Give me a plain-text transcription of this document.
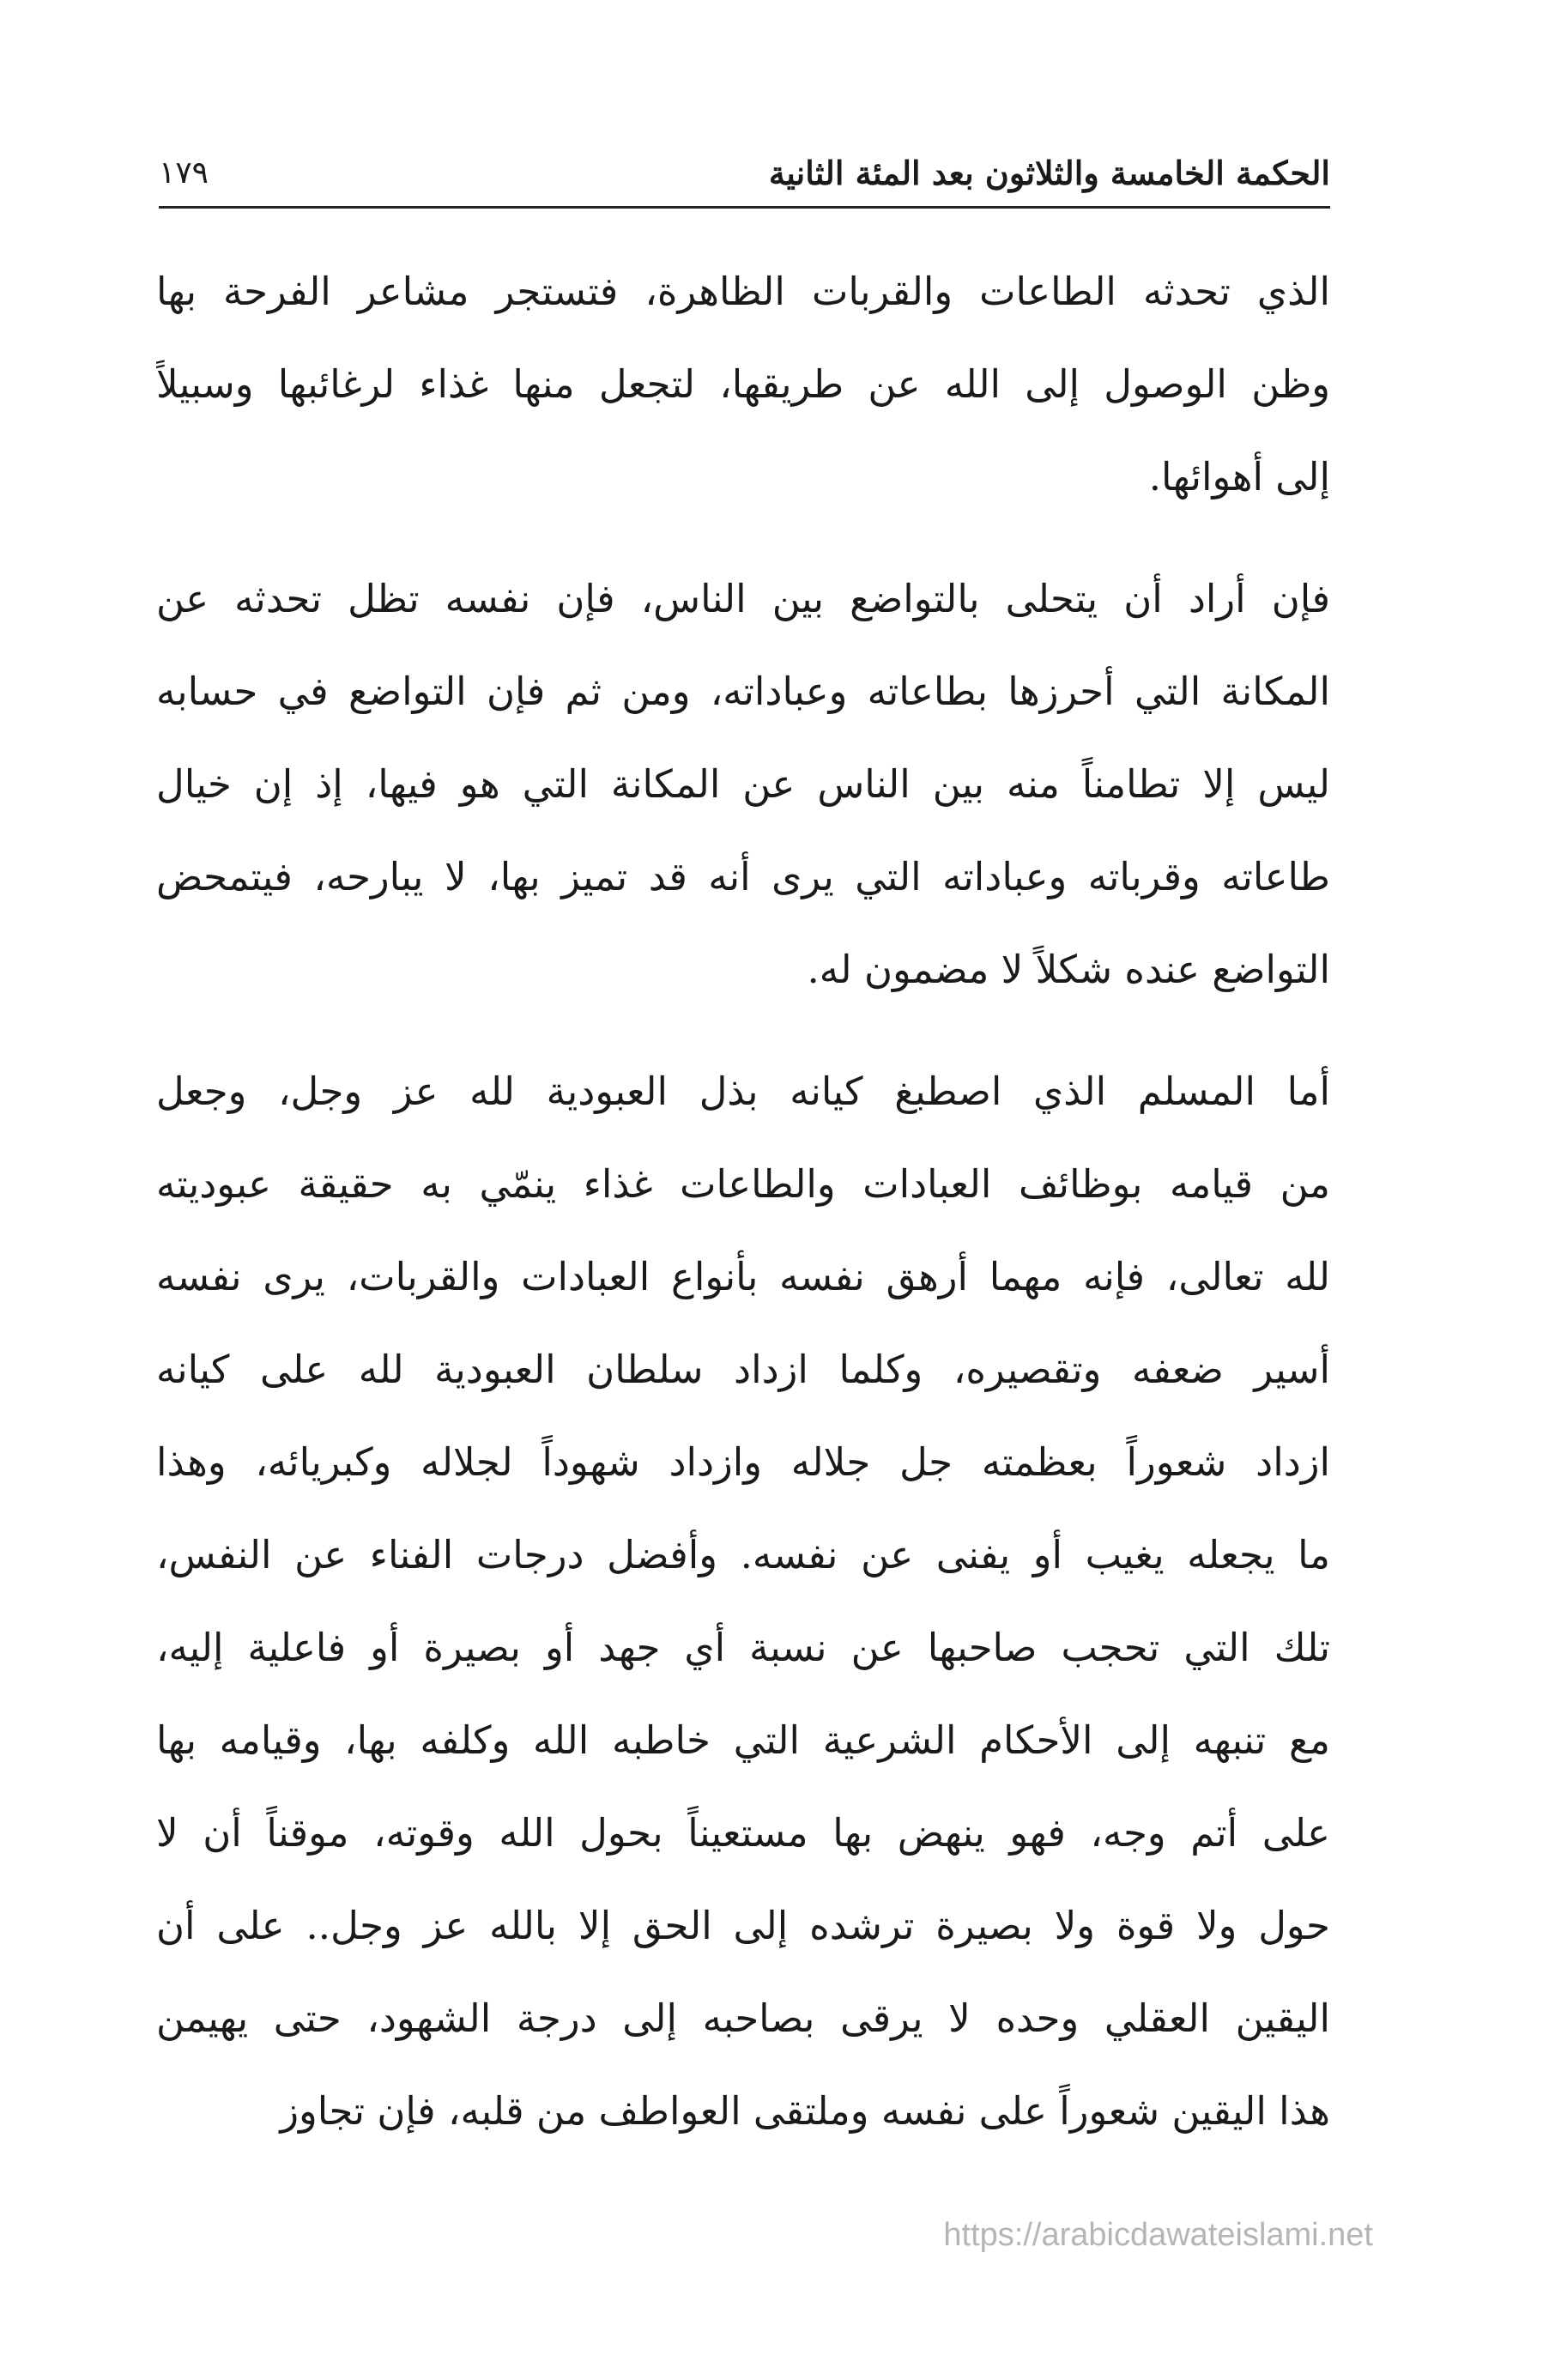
الحكمة الخامسة والثلاثون بعد المئة الثانية
١٧٩
الذي تحدثه الطاعات والقربات الظاهرة، فتستجر مشاعر الفرحة بها
وظن الوصول إلى الله عن طريقها، لتجعل منها غذاء لرغائبها وسبيلاً
إلى أهوائها.
فإن أراد أن يتحلى بالتواضع بين الناس، فإن نفسه تظل تحدثه عن
المكانة التي أحرزها بطاعاته وعباداته، ومن ثم فإن التواضع في حسابه
ليس إلا تطامناً منه بين الناس عن المكانة التي هو فيها، إذ إن خيال
طاعاته وقرباته وعباداته التي يرى أنه قد تميز بها، لا يبارحه، فيتمحض
التواضع عنده شكلاً لا مضمون له.
أما المسلم الذي اصطبغ كيانه بذل العبودية لله عز وجل، وجعل
من قيامه بوظائف العبادات والطاعات غذاء ينمّي به حقيقة عبوديته
لله تعالى، فإنه مهما أرهق نفسه بأنواع العبادات والقربات، يرى نفسه
أسير ضعفه وتقصيره، وكلما ازداد سلطان العبودية لله على كيانه
ازداد شعوراً بعظمته جل جلاله وازداد شهوداً لجلاله وكبريائه، وهذا
ما يجعله يغيب أو يفنى عن نفسه. وأفضل درجات الفناء عن النفس،
تلك التي تحجب صاحبها عن نسبة أي جهد أو بصيرة أو فاعلية إليه،
مع تنبهه إلى الأحكام الشرعية التي خاطبه الله وكلفه بها، وقيامه بها
على أتم وجه، فهو ينهض بها مستعيناً بحول الله وقوته، موقناً أن لا
حول ولا قوة ولا بصيرة ترشده إلى الحق إلا بالله عز وجل.. على أن
اليقين العقلي وحده لا يرقى بصاحبه إلى درجة الشهود، حتى يهيمن
هذا اليقين شعوراً على نفسه وملتقى العواطف من قلبه، فإن تجاوز
https://arabicdawateislami.net
